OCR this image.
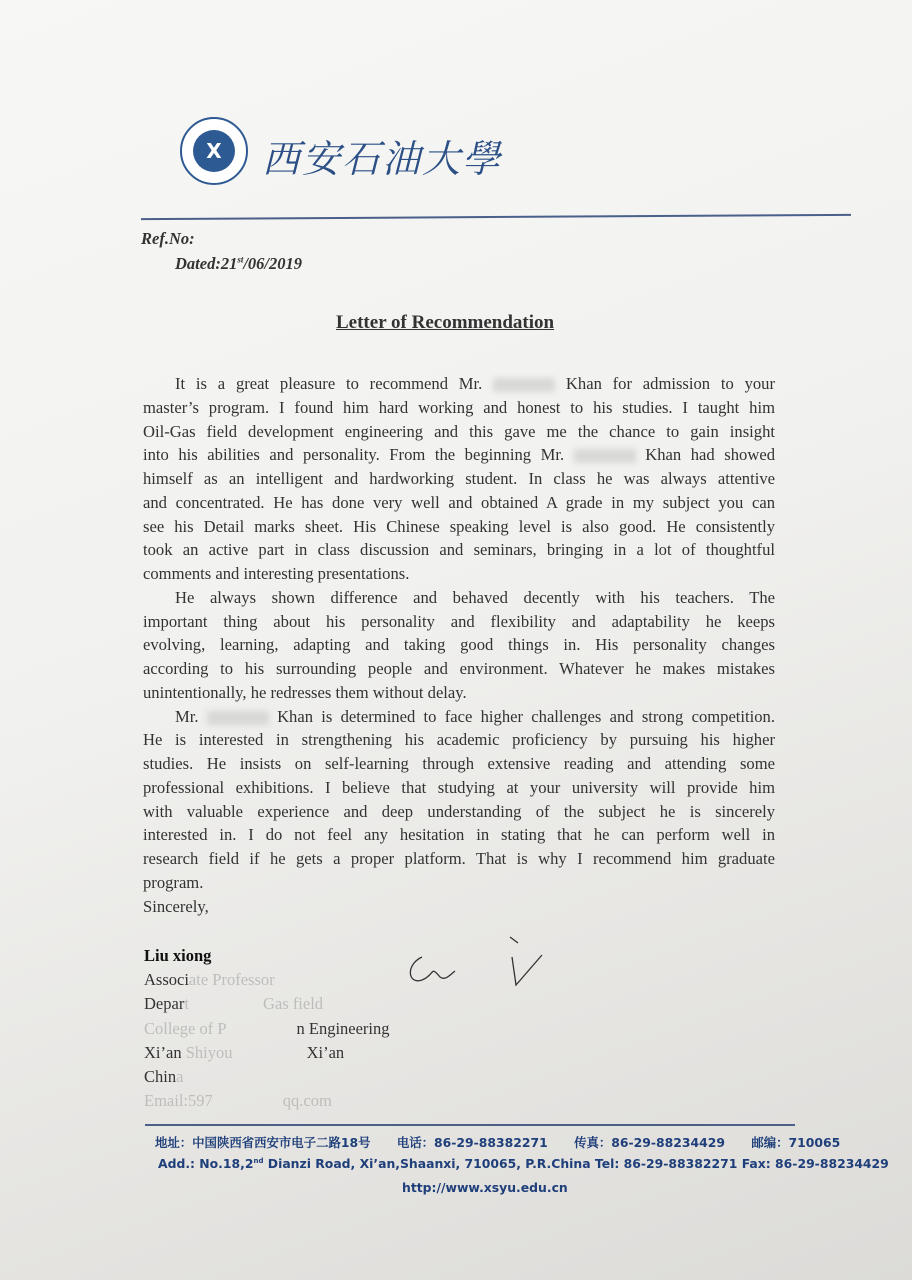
X	西安石油大學
Ref.No:
Dated:21st/06/2019
Letter of Recommendation
It is a great pleasure to recommend Mr.	Khan for admission to your
master’s program. I found him hard working and honest to his studies. I taught him
Oil-Gas field development engineering and this gave me the chance to gain insight
into his abilities and personality. From the beginning Mr.	Khan had showed
himself as an intelligent and hardworking student. In class he was always attentive
and concentrated. He has done very well and obtained A grade in my subject you can
see his Detail marks sheet. His Chinese speaking level is also good. He consistently
took an active part in class discussion and seminars, bringing in a lot of thoughtful
comments and interesting presentations.
He always shown difference and behaved decently with his teachers. The
important thing about his personality and flexibility and adaptability he keeps
evolving, learning, adapting and taking good things in. His personality changes
according to his surrounding people and environment. Whatever he makes mistakes
unintentionally, he redresses them without delay.
Mr.	Khan is determined to face higher challenges and strong competition.
He is interested in strengthening his academic proficiency by pursuing his higher
studies. He insists on self-learning through extensive reading and attending some
professional exhibitions. I believe that studying at your university will provide him
with valuable experience and deep understanding of the subject he is sincerely
interested in. I do not feel any hesitation in stating that he can perform well in
research field if he gets a proper platform. That is why I recommend him graduate
program.
Sincerely,
Liu xiong
Associate Professor
Depart	Gas field
College of P	n Engineering
Xi’an Shiyou	Xi’an
China
Email:597	qq.com
地址：中国陕西省西安市电子二路18号 电话：86-29-88382271 传真：86-29-88234429 邮编：710065
Add.: No.18,2nd Dianzi Road, Xi’an,Shaanxi, 710065, P.R.China Tel: 86-29-88382271 Fax: 86-29-88234429
http://www.xsyu.edu.cn
